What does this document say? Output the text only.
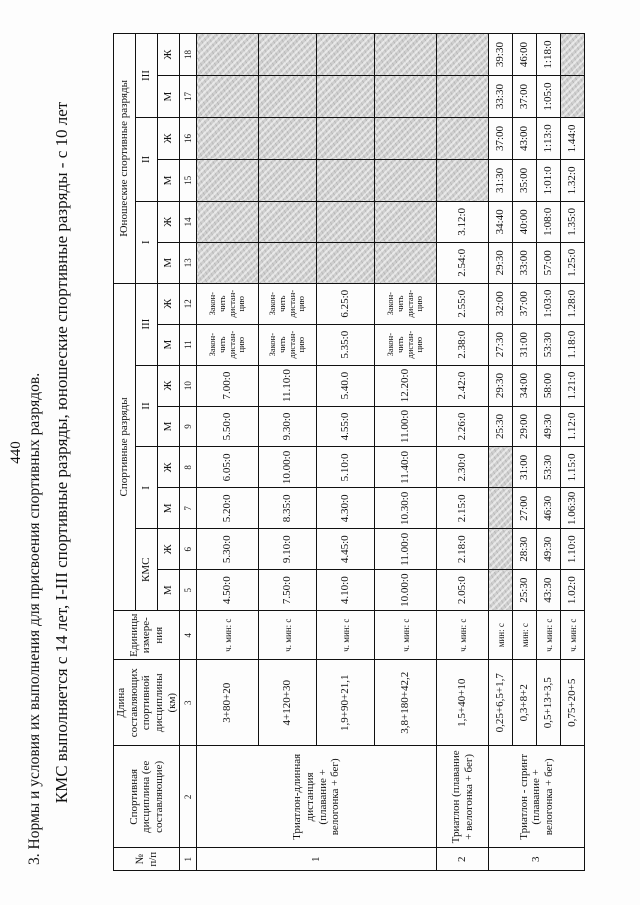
440 3. Нормы и условия их выполнения для присвоения спортивных разрядов. КМС выполняется с 14 лет, I-III спортивные разряды, юношеские спортивные разряды - с 10 лет
№ п/п	Спортивная дисциплина (ее составляющие)	Длина составляющих спортивной дисциплины (км)	Единицы измере- ния	Спортивные разряды								Юношеские спортивные разряды					
				КМС		I		II		III		I		II		III	
				М	Ж	М	Ж	М	Ж	М	Ж	М	Ж	М	Ж	М	Ж
1	2	3	4	5	6	7	8	9	10	11	12	13	14	15	16	17	18
1	Триатлон-длинная дистанция (плавание + велогонка + бег)	3+80+20	ч. мин: с	4.50:0	5.30:0	5.20:0	6.05:0	5.50:0	7.00:0	Закон-чить дистан-цию	Закон-чить дистан-цию						
		4+120+30	ч. мин: с	7.50:0	9.10:0	8.35:0	10.00:0	9.30:0	11.10:0	Закон-чить дистан-цию	Закон-чить дистан-цию						
		1,9+90+21,1	ч. мин: с	4.10:0	4.45:0	4.30:0	5.10:0	4.55:0	5.40.0	5.35:0	6.25:0						
		3,8+180+42,2	ч. мин: с	10.00:0	11.00:0	10.30:0	11.40:0	11.00:0	12.20:0	Закон-чить дистан-цию	Закон-чить дистан-цию						
2	Триатлон (плавание + велогонка + бег)	1,5+40+10	ч. мин: с	2.05:0	2.18:0	2.15:0	2.30:0	2.26:0	2.42:0	2.38:0	2.55:0	2.54:0	3.12:0				
3	Триатлон - спринт (плавание + велогонка + бег)	0,25+6,5+1,7	мин: с					25:30	29:30	27:30	32:00	29:30	34:40	31:30	37:00	33:30	39:30
		0,3+8+2	мин: с	25:30	28:30	27:00	31:00	29:00	34:00	31:00	37:00	33:00	40:00	35:00	43:00	37:00	46:00
		0,5+13+3,5	ч. мин: с	43:30	49:30	46:30	53:30	49:30	58:00	53:30	1:03:0	57:00	1:08:0	1:01:0	1:13:0	1:05:0	1:18:0
		0,75+20+5	ч. мин: с	1.02:0	1.10:0	1.06:30	1.15:0	1.12:0	1.21:0	1.18:0	1.28:0	1.25:0	1.35:0	1.32:0	1.44:0		
